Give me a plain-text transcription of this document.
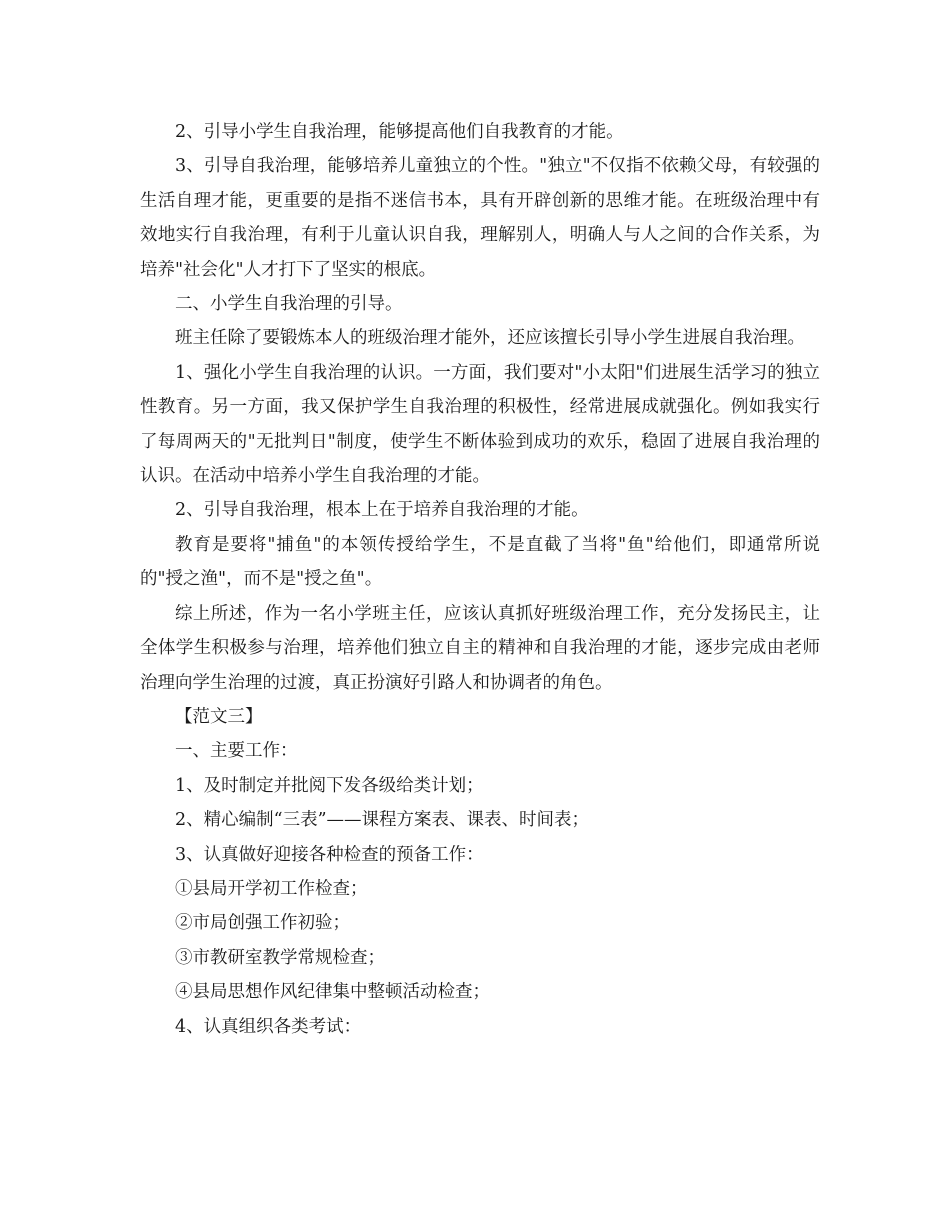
2、引导小学生自我治理，能够提高他们自我教育的才能。

3、引导自我治理，能够培养儿童独立的个性。"独立"不仅指不依赖父母，有较强的生活自理才能，更重要的是指不迷信书本，具有开辟创新的思维才能。在班级治理中有效地实行自我治理，有利于儿童认识自我，理解别人，明确人与人之间的合作关系，为培养"社会化"人才打下了坚实的根底。

二、小学生自我治理的引导。

班主任除了要锻炼本人的班级治理才能外，还应该擅长引导小学生进展自我治理。

1、强化小学生自我治理的认识。一方面，我们要对"小太阳"们进展生活学习的独立性教育。另一方面，我又保护学生自我治理的积极性，经常进展成就强化。例如我实行了每周两天的"无批判日"制度，使学生不断体验到成功的欢乐，稳固了进展自我治理的认识。在活动中培养小学生自我治理的才能。

2、引导自我治理，根本上在于培养自我治理的才能。

教育是要将"捕鱼"的本领传授给学生，不是直截了当将"鱼"给他们，即通常所说的"授之渔"，而不是"授之鱼"。

综上所述，作为一名小学班主任，应该认真抓好班级治理工作，充分发扬民主，让全体学生积极参与治理，培养他们独立自主的精神和自我治理的才能，逐步完成由老师治理向学生治理的过渡，真正扮演好引路人和协调者的角色。

【范文三】

一、主要工作：

1、及时制定并批阅下发各级给类计划；

2、精心编制“三表”——课程方案表、课表、时间表；

3、认真做好迎接各种检查的预备工作：

①县局开学初工作检查；

②市局创强工作初验；

③市教研室教学常规检查；

④县局思想作风纪律集中整顿活动检查；

4、认真组织各类考试：
